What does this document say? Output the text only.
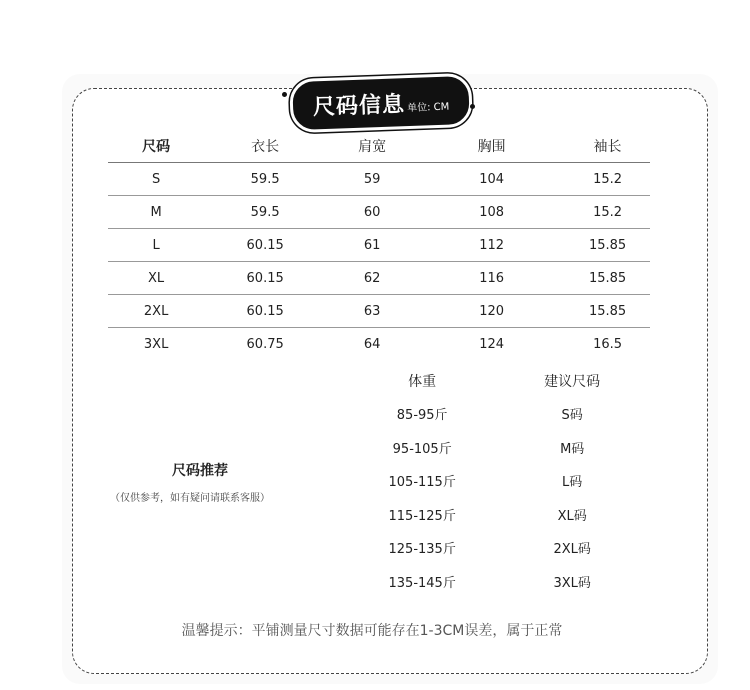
尺码信息 单位: CM
尺码	衣长	肩宽	胸围	袖长
S	59.5	59	104	15.2
M	59.5	60	108	15.2
L	60.15	61	112	15.85
XL	60.15	62	116	15.85
2XL	60.15	63	120	15.85
3XL	60.75	64	124	16.5
尺码推荐
（仅供参考，如有疑问请联系客服）
体重	建议尺码
85-95斤	S码
95-105斤	M码
105-115斤	L码
115-125斤	XL码
125-135斤	2XL码
135-145斤	3XL码
温馨提示：平铺测量尺寸数据可能存在1-3CM误差，属于正常
